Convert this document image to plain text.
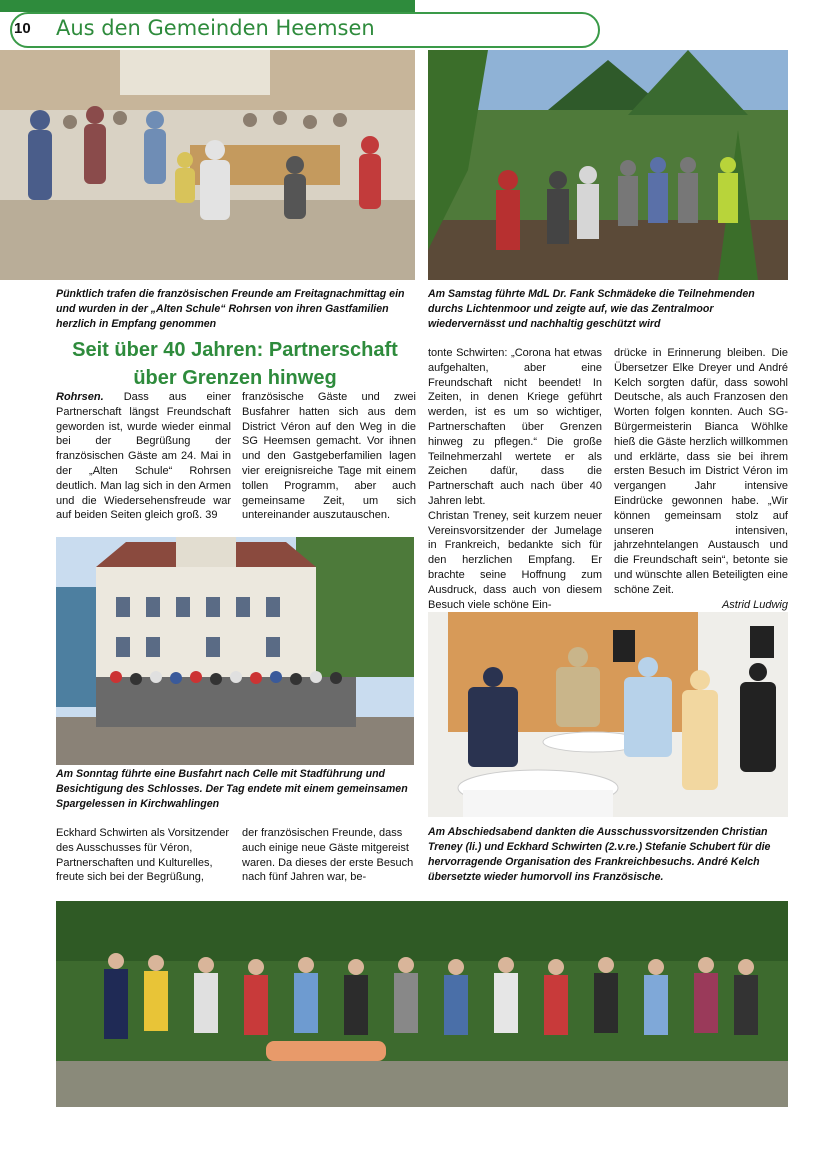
10 Aus den Gemeinden Heemsen
Pünktlich trafen die französischen Freunde am Freitagnachmittag ein und wurden in der „Alten Schule“ Rohrsen von ihren Gastfamilien herzlich in Empfang genommen
Am Samstag führte MdL Dr. Fank Schmädeke die Teilnehmenden durchs Lichtenmoor und zeigte auf, wie das Zentralmoor wiedervernässt und nachhaltig geschützt wird
Seit über 40 Jahren: Partnerschaft über Grenzen hinweg

Rohrsen. Dass aus einer Partnerschaft längst Freundschaft geworden ist, wurde wieder einmal bei der Begrüßung der französischen Gäste am 24. Mai in der „Alten Schule“ Rohrsen deutlich. Man lag sich in den Armen und die Wiedersehensfreude war auf beiden Seiten gleich groß. 39

französische Gäste und zwei Busfahrer hatten sich aus dem District Véron auf den Weg in die SG Heemsen gemacht. Vor ihnen und den Gastgeberfamilien lagen vier ereignisreiche Tage mit einem tollen Programm, aber auch gemeinsame Zeit, um sich untereinander auszutauschen.

tonte Schwirten: „Corona hat etwas aufgehalten, aber eine Freundschaft nicht beendet! In Zeiten, in denen Kriege geführt werden, ist es um so wichtiger, Partnerschaften über Grenzen hinweg zu pflegen.“ Die große Teilnehmerzahl wertete er als Zeichen dafür, dass die Partnerschaft auch nach über 40 Jahren lebt.

Christan Treney, seit kurzem neuer Vereinsvorsitzender der Jumelage in Frankreich, bedankte sich für den herzlichen Empfang. Er brachte seine Hoffnung zum Ausdruck, dass auch von diesem Besuch viele schöne Ein-

drücke in Erinnerung bleiben. Die Übersetzer Elke Dreyer und André Kelch sorgten dafür, dass sowohl Deutsche, als auch Franzosen den Worten folgen konnten. Auch SG-Bürgermeisterin Bianca Wöhlke hieß die Gäste herzlich willkommen und erklärte, dass sie bei ihrem ersten Besuch im District Véron im vergangen Jahr intensive Eindrücke gewonnen habe. „Wir können gemeinsam stolz auf unseren intensiven, jahrzehntelangen Austausch und die Freundschaft sein“, betonte sie und wünschte allen Beteiligten eine schöne Zeit.

Astrid Ludwig
Am Sonntag führte eine Busfahrt nach Celle mit Stadführung und Besichtigung des Schlosses. Der Tag endete mit einem gemeinsamen Spargelessen in Kirchwahlingen
Am Abschiedsabend dankten die Ausschussvorsitzenden Christian Treney (li.) und Eckhard Schwirten (2.v.re.) Stefanie Schubert für die hervorragende Organisation des Frankreichbesuchs. André Kelch übersetzte wieder humorvoll ins Französische.
Eckhard Schwirten als Vorsitzender des Ausschusses für Véron, Partnerschaften und Kulturelles, freute sich bei der Begrüßung,
der französischen Freunde, dass auch einige neue Gäste mitgereist waren. Da dieses der erste Besuch nach fünf Jahren war, be-
